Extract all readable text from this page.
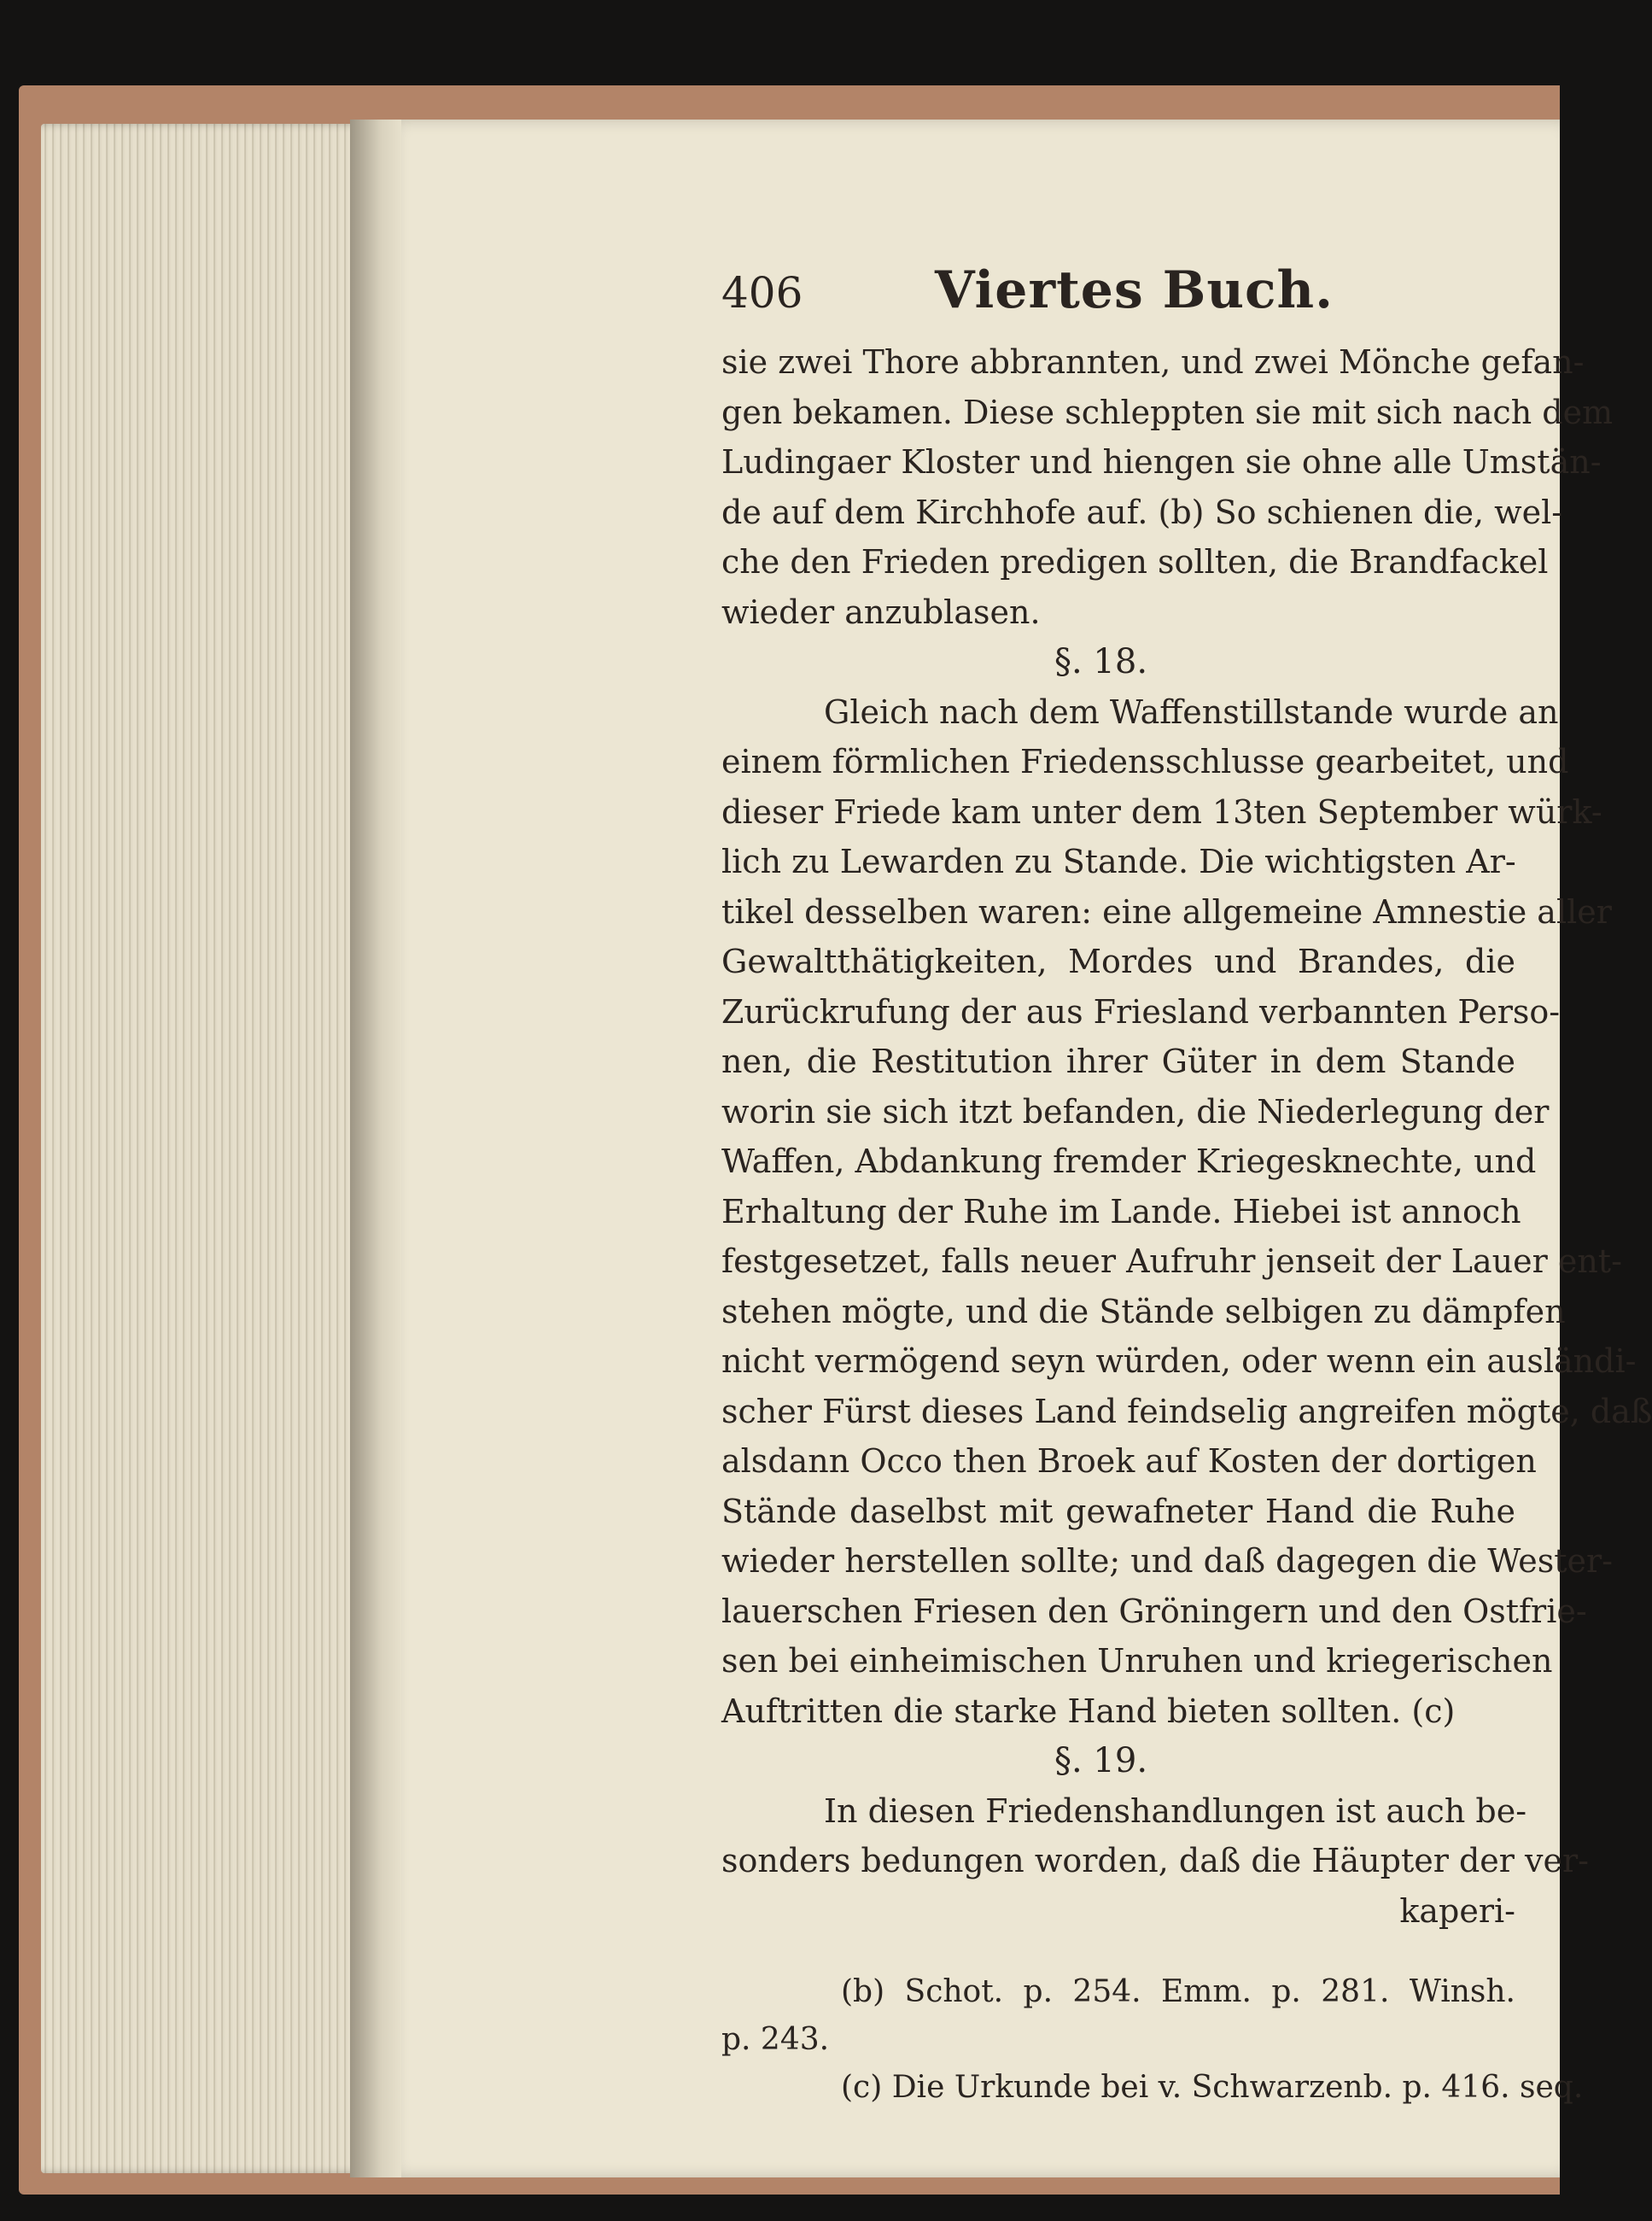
406	Viertes Buch.
sie zwei Thore abbrannten, und zwei Mönche gefan-
gen bekamen. Diese schleppten sie mit sich nach dem
Ludingaer Kloster und hiengen sie ohne alle Umstän-
de auf dem Kirchhofe auf. (b) So schienen die, wel-
che den Frieden predigen sollten, die Brandfackel
wieder anzublasen.
§. 18.
Gleich nach dem Waffenstillstande wurde an
einem förmlichen Friedensschlusse gearbeitet, und
dieser Friede kam unter dem 13ten September würk-
lich zu Lewarden zu Stande. Die wichtigsten Ar-
tikel desselben waren: eine allgemeine Amnestie aller
Gewaltthätigkeiten, Mordes und Brandes, die
Zurückrufung der aus Friesland verbannten Perso-
nen, die Restitution ihrer Güter in dem Stande
worin sie sich itzt befanden, die Niederlegung der
Waffen, Abdankung fremder Kriegesknechte, und
Erhaltung der Ruhe im Lande. Hiebei ist annoch
festgesetzet, falls neuer Aufruhr jenseit der Lauer ent-
stehen mögte, und die Stände selbigen zu dämpfen
nicht vermögend seyn würden, oder wenn ein ausländi-
scher Fürst dieses Land feindselig angreifen mögte, daß
alsdann Occo then Broek auf Kosten der dortigen
Stände daselbst mit gewafneter Hand die Ruhe
wieder herstellen sollte; und daß dagegen die Wester-
lauerschen Friesen den Gröningern und den Ostfrie-
sen bei einheimischen Unruhen und kriegerischen
Auftritten die starke Hand bieten sollten. (c)
§. 19.
In diesen Friedenshandlungen ist auch be-
sonders bedungen worden, daß die Häupter der ver-
kaperi-
(b) Schot. p. 254. Emm. p. 281. Winsh.
p. 243.
(c) Die Urkunde bei v. Schwarzenb. p. 416. seq.
